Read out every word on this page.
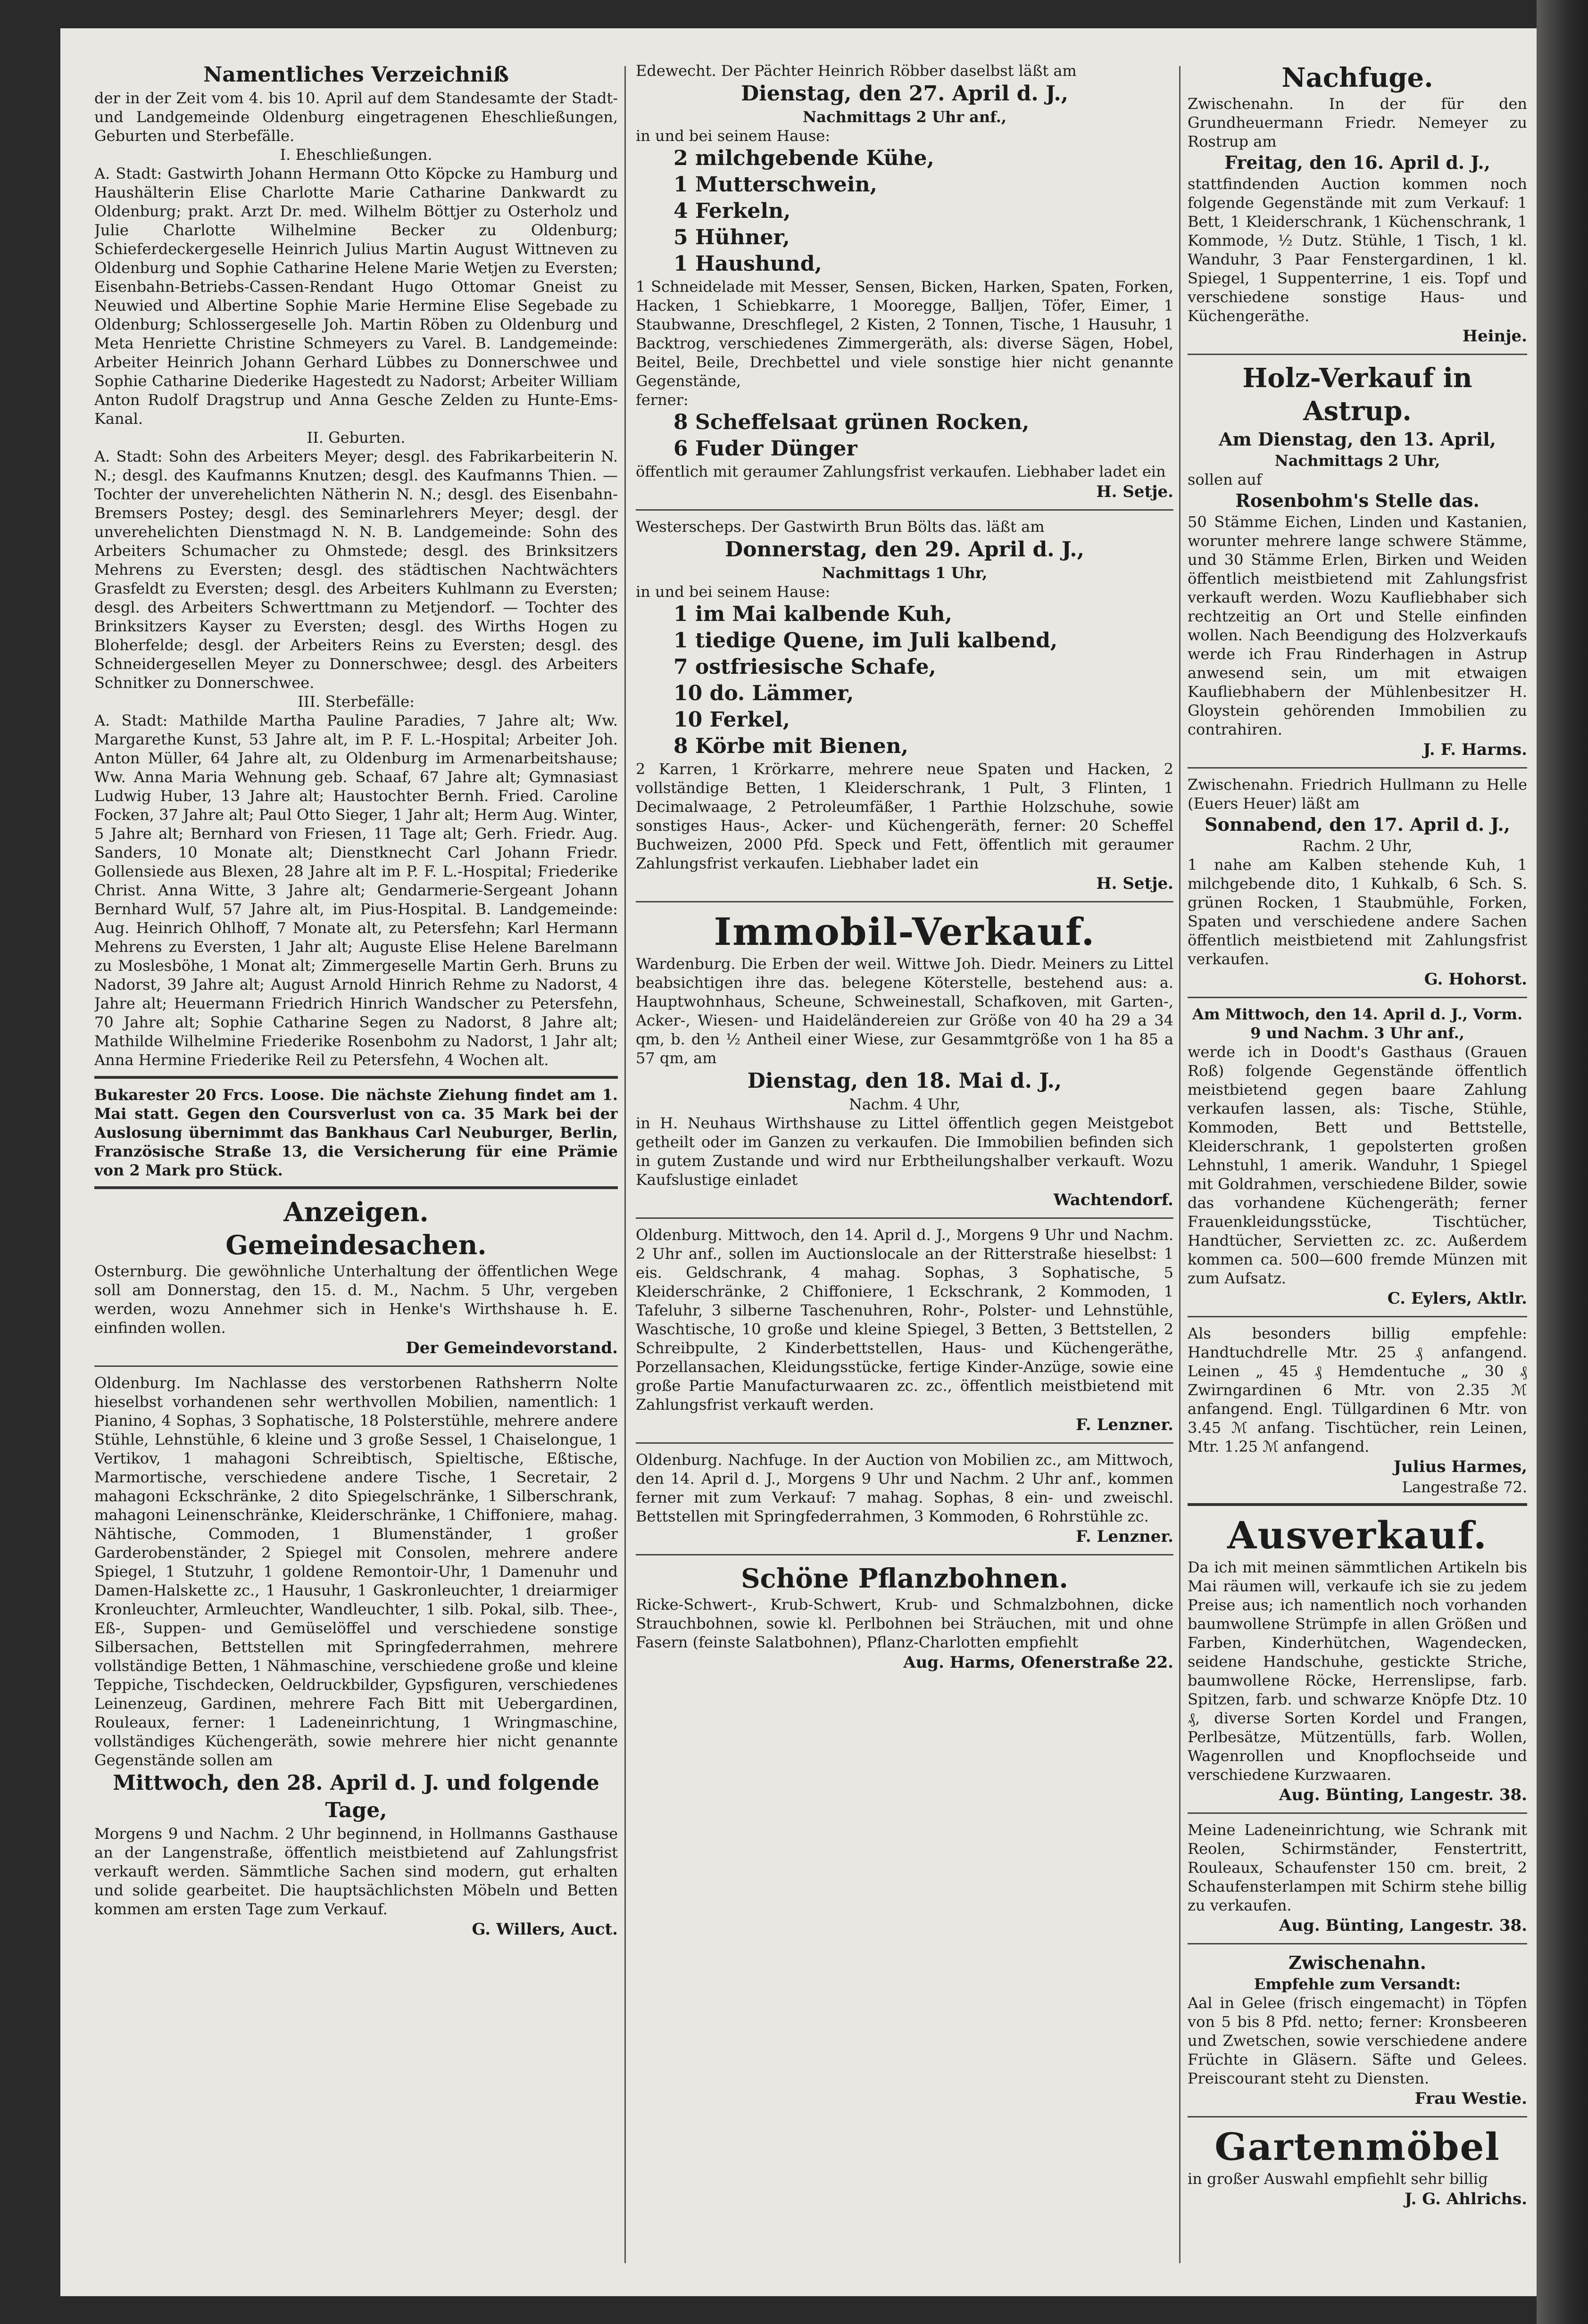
Namentliches Verzeichniß

der in der Zeit vom 4. bis 10. April auf dem Standesamte der Stadt- und Landgemeinde Oldenburg eingetragenen Eheschließungen, Geburten und Sterbefälle.

I. Eheschließungen.

A. Stadt: Gastwirth Johann Hermann Otto Köpcke zu Hamburg und Haushälterin Elise Charlotte Marie Catharine Dankwardt zu Oldenburg; prakt. Arzt Dr. med. Wilhelm Böttjer zu Osterholz und Julie Charlotte Wilhelmine Becker zu Oldenburg; Schieferdeckergeselle Heinrich Julius Martin August Wittneven zu Oldenburg und Sophie Catharine Helene Marie Wetjen zu Eversten; Eisenbahn-Betriebs-Cassen-Rendant Hugo Ottomar Gneist zu Neuwied und Albertine Sophie Marie Hermine Elise Segebade zu Oldenburg; Schlossergeselle Joh. Martin Röben zu Oldenburg und Meta Henriette Christine Schmeyers zu Varel. B. Landgemeinde: Arbeiter Heinrich Johann Gerhard Lübbes zu Donnerschwee und Sophie Catharine Diederike Hagestedt zu Nadorst; Arbeiter William Anton Rudolf Dragstrup und Anna Gesche Zelden zu Hunte-Ems-Kanal.

II. Geburten.

A. Stadt: Sohn des Arbeiters Meyer; desgl. des Fabrikarbeiterin N. N.; desgl. des Kaufmanns Knutzen; desgl. des Kaufmanns Thien. — Tochter der unverehelichten Nätherin N. N.; desgl. des Eisenbahn-Bremsers Postey; desgl. des Seminarlehrers Meyer; desgl. der unverehelichten Dienstmagd N. N. B. Landgemeinde: Sohn des Arbeiters Schumacher zu Ohmstede; desgl. des Brinksitzers Mehrens zu Eversten; desgl. des städtischen Nachtwächters Grasfeldt zu Eversten; desgl. des Arbeiters Kuhlmann zu Eversten; desgl. des Arbeiters Schwerttmann zu Metjendorf. — Tochter des Brinksitzers Kayser zu Eversten; desgl. des Wirths Hogen zu Bloherfelde; desgl. der Arbeiters Reins zu Eversten; desgl. des Schneidergesellen Meyer zu Donnerschwee; desgl. des Arbeiters Schnitker zu Donnerschwee.

III. Sterbefälle:

A. Stadt: Mathilde Martha Pauline Paradies, 7 Jahre alt; Ww. Margarethe Kunst, 53 Jahre alt, im P. F. L.-Hospital; Arbeiter Joh. Anton Müller, 64 Jahre alt, zu Oldenburg im Armenarbeitshause; Ww. Anna Maria Wehnung geb. Schaaf, 67 Jahre alt; Gymnasiast Ludwig Huber, 13 Jahre alt; Haustochter Bernh. Fried. Caroline Focken, 37 Jahre alt; Paul Otto Sieger, 1 Jahr alt; Herm Aug. Winter, 5 Jahre alt; Bernhard von Friesen, 11 Tage alt; Gerh. Friedr. Aug. Sanders, 10 Monate alt; Dienstknecht Carl Johann Friedr. Gollensiede aus Blexen, 28 Jahre alt im P. F. L.-Hospital; Friederike Christ. Anna Witte, 3 Jahre alt; Gendarmerie-Sergeant Johann Bernhard Wulf, 57 Jahre alt, im Pius-Hospital. B. Landgemeinde: Aug. Heinrich Ohlhoff, 7 Monate alt, zu Petersfehn; Karl Hermann Mehrens zu Eversten, 1 Jahr alt; Auguste Elise Helene Barelmann zu Moslesböhe, 1 Monat alt; Zimmergeselle Martin Gerh. Bruns zu Nadorst, 39 Jahre alt; August Arnold Hinrich Rehme zu Nadorst, 4 Jahre alt; Heuermann Friedrich Hinrich Wandscher zu Petersfehn, 70 Jahre alt; Sophie Catharine Segen zu Nadorst, 8 Jahre alt; Mathilde Wilhelmine Friederike Rosenbohm zu Nadorst, 1 Jahr alt; Anna Hermine Friederike Reil zu Petersfehn, 4 Wochen alt.

Bukarester 20 Frcs. Loose. Die nächste Ziehung findet am 1. Mai statt. Gegen den Coursverlust von ca. 35 Mark bei der Auslosung übernimmt das Bankhaus Carl Neuburger, Berlin, Französische Straße 13, die Versicherung für eine Prämie von 2 Mark pro Stück.

Anzeigen.
Gemeindesachen.

Osternburg. Die gewöhnliche Unterhaltung der öffentlichen Wege soll am Donnerstag, den 15. d. M., Nachm. 5 Uhr, vergeben werden, wozu Annehmer sich in Henke's Wirthshause h. E. einfinden wollen.

Der Gemeindevorstand.

Oldenburg. Im Nachlasse des verstorbenen Rathsherrn Nolte hieselbst vorhandenen sehr werthvollen Mobilien, namentlich: 1 Pianino, 4 Sophas, 3 Sophatische, 18 Polsterstühle, mehrere andere Stühle, Lehnstühle, 6 kleine und 3 große Sessel, 1 Chaiselongue, 1 Vertikov, 1 mahagoni Schreibtisch, Spieltische, Eßtische, Marmortische, verschiedene andere Tische, 1 Secretair, 2 mahagoni Eckschränke, 2 dito Spiegelschränke, 1 Silberschrank, mahagoni Leinenschränke, Kleiderschränke, 1 Chiffoniere, mahag. Nähtische, Commoden, 1 Blumenständer, 1 großer Garderobenständer, 2 Spiegel mit Consolen, mehrere andere Spiegel, 1 Stutzuhr, 1 goldene Remontoir-Uhr, 1 Damenuhr und Damen-Halskette zc., 1 Hausuhr, 1 Gaskronleuchter, 1 dreiarmiger Kronleuchter, Armleuchter, Wandleuchter, 1 silb. Pokal, silb. Thee-, Eß-, Suppen- und Gemüselöffel und verschiedene sonstige Silbersachen, Bettstellen mit Springfederrahmen, mehrere vollständige Betten, 1 Nähmaschine, verschiedene große und kleine Teppiche, Tischdecken, Oeldruckbilder, Gypsfiguren, verschiedenes Leinenzeug, Gardinen, mehrere Fach Bitt mit Uebergardinen, Rouleaux, ferner: 1 Ladeneinrichtung, 1 Wringmaschine, vollständiges Küchengeräth, sowie mehrere hier nicht genannte Gegenstände sollen am

Mittwoch, den 28. April d. J. und folgende Tage,

Morgens 9 und Nachm. 2 Uhr beginnend, in Hollmanns Gasthause an der Langenstraße, öffentlich meistbietend auf Zahlungsfrist verkauft werden. Sämmtliche Sachen sind modern, gut erhalten und solide gearbeitet. Die hauptsächlichsten Möbeln und Betten kommen am ersten Tage zum Verkauf.

G. Willers, Auct.

Edewecht. Der Pächter Heinrich Röbber daselbst läßt am

Dienstag, den 27. April d. J.,

Nachmittags 2 Uhr anf.,

in und bei seinem Hause:

2 milchgebende Kühe,
1 Mutterschwein,
4 Ferkeln,
5 Hühner,
1 Haushund,

1 Schneidelade mit Messer, Sensen, Bicken, Harken, Spaten, Forken, Hacken, 1 Schiebkarre, 1 Mooregge, Balljen, Töfer, Eimer, 1 Staubwanne, Dreschflegel, 2 Kisten, 2 Tonnen, Tische, 1 Hausuhr, 1 Backtrog, verschiedenes Zimmergeräth, als: diverse Sägen, Hobel, Beitel, Beile, Drechbettel und viele sonstige hier nicht genannte Gegenstände,

ferner:

8 Scheffelsaat grünen Rocken,
6 Fuder Dünger

öffentlich mit geraumer Zahlungsfrist verkaufen. Liebhaber ladet ein

H. Setje.

Westerscheps. Der Gastwirth Brun Bölts das. läßt am

Donnerstag, den 29. April d. J.,

Nachmittags 1 Uhr,

in und bei seinem Hause:

1 im Mai kalbende Kuh,
1 tiedige Quene, im Juli kalbend,
7 ostfriesische Schafe,
10 do. Lämmer,
10 Ferkel,
8 Körbe mit Bienen,

2 Karren, 1 Krörkarre, mehrere neue Spaten und Hacken, 2 vollständige Betten, 1 Kleiderschrank, 1 Pult, 3 Flinten, 1 Decimalwaage, 2 Petroleumfäßer, 1 Parthie Holzschuhe, sowie sonstiges Haus-, Acker- und Küchengeräth, ferner: 20 Scheffel Buchweizen, 2000 Pfd. Speck und Fett, öffentlich mit geraumer Zahlungsfrist verkaufen. Liebhaber ladet ein

H. Setje.
Immobil-Verkauf.

Wardenburg. Die Erben der weil. Wittwe Joh. Diedr. Meiners zu Littel beabsichtigen ihre das. belegene Köterstelle, bestehend aus: a. Hauptwohnhaus, Scheune, Schweinestall, Schafkoven, mit Garten-, Acker-, Wiesen- und Haideländereien zur Größe von 40 ha 29 a 34 qm, b. den ½ Antheil einer Wiese, zur Gesammtgröße von 1 ha 85 a 57 qm, am

Dienstag, den 18. Mai d. J.,

Nachm. 4 Uhr,

in H. Neuhaus Wirthshause zu Littel öffentlich gegen Meistgebot getheilt oder im Ganzen zu verkaufen. Die Immobilien befinden sich in gutem Zustande und wird nur Erbtheilungshalber verkauft. Wozu Kaufslustige einladet

Wachtendorf.

Oldenburg. Mittwoch, den 14. April d. J., Morgens 9 Uhr und Nachm. 2 Uhr anf., sollen im Auctionslocale an der Ritterstraße hieselbst: 1 eis. Geldschrank, 4 mahag. Sophas, 3 Sophatische, 5 Kleiderschränke, 2 Chiffoniere, 1 Eckschrank, 2 Kommoden, 1 Tafeluhr, 3 silberne Taschenuhren, Rohr-, Polster- und Lehnstühle, Waschtische, 10 große und kleine Spiegel, 3 Betten, 3 Bettstellen, 2 Schreibpulte, 2 Kinderbettstellen, Haus- und Küchengeräthe, Porzellansachen, Kleidungsstücke, fertige Kinder-Anzüge, sowie eine große Partie Manufacturwaaren zc. zc., öffentlich meistbietend mit Zahlungsfrist verkauft werden.

F. Lenzner.

Oldenburg. Nachfuge. In der Auction von Mobilien zc., am Mittwoch, den 14. April d. J., Morgens 9 Uhr und Nachm. 2 Uhr anf., kommen ferner mit zum Verkauf: 7 mahag. Sophas, 8 ein- und zweischl. Bettstellen mit Springfederrahmen, 3 Kommoden, 6 Rohrstühle zc.

F. Lenzner.
Schöne Pflanzbohnen.

Ricke-Schwert-, Krub-Schwert, Krub- und Schmalzbohnen, dicke Strauchbohnen, sowie kl. Perlbohnen bei Sträuchen, mit und ohne Fasern (feinste Salatbohnen), Pflanz-Charlotten empfiehlt

Aug. Harms, Ofenerstraße 22.
Nachfuge.

Zwischenahn. In der für den Grundheuermann Friedr. Nemeyer zu Rostrup am

Freitag, den 16. April d. J.,

stattfindenden Auction kommen noch folgende Gegenstände mit zum Verkauf: 1 Bett, 1 Kleiderschrank, 1 Küchenschrank, 1 Kommode, ½ Dutz. Stühle, 1 Tisch, 1 kl. Wanduhr, 3 Paar Fenstergardinen, 1 kl. Spiegel, 1 Suppenterrine, 1 eis. Topf und verschiedene sonstige Haus- und Küchengeräthe.

Heinje.
Holz-Verkauf in Astrup.
Am Dienstag, den 13. April,

Nachmittags 2 Uhr,

sollen auf

Rosenbohm's Stelle das.

50 Stämme Eichen, Linden und Kastanien, worunter mehrere lange schwere Stämme, und 30 Stämme Erlen, Birken und Weiden öffentlich meistbietend mit Zahlungsfrist verkauft werden. Wozu Kaufliebhaber sich rechtzeitig an Ort und Stelle einfinden wollen. Nach Beendigung des Holzverkaufs werde ich Frau Rinderhagen in Astrup anwesend sein, um mit etwaigen Kaufliebhabern der Mühlenbesitzer H. Gloystein gehörenden Immobilien zu contrahiren.

J. F. Harms.

Zwischenahn. Friedrich Hullmann zu Helle (Euers Heuer) läßt am

Sonnabend, den 17. April d. J.,

Rachm. 2 Uhr,

1 nahe am Kalben stehende Kuh, 1 milchgebende dito, 1 Kuhkalb, 6 Sch. S. grünen Rocken, 1 Staubmühle, Forken, Spaten und verschiedene andere Sachen öffentlich meistbietend mit Zahlungsfrist verkaufen.

G. Hohorst.

Am Mittwoch, den 14. April d. J., Vorm. 9 und Nachm. 3 Uhr anf.,

werde ich in Doodt's Gasthaus (Grauen Roß) folgende Gegenstände öffentlich meistbietend gegen baare Zahlung verkaufen lassen, als: Tische, Stühle, Kommoden, Bett und Bettstelle, Kleiderschrank, 1 gepolsterten großen Lehnstuhl, 1 amerik. Wanduhr, 1 Spiegel mit Goldrahmen, verschiedene Bilder, sowie das vorhandene Küchengeräth; ferner Frauenkleidungsstücke, Tischtücher, Handtücher, Servietten zc. zc. Außerdem kommen ca. 500—600 fremde Münzen mit zum Aufsatz.

C. Eylers, Aktlr.

Als besonders billig empfehle: Handtuchdrelle Mtr. 25 ₰ anfangend. Leinen „ 45 ₰ Hemdentuche „ 30 ₰ Zwirngardinen 6 Mtr. von 2.35 ℳ anfangend. Engl. Tüllgardinen 6 Mtr. von 3.45 ℳ anfang. Tischtücher, rein Leinen, Mtr. 1.25 ℳ anfangend.

Julius Harmes,

Langestraße 72.

Ausverkauf.

Da ich mit meinen sämmtlichen Artikeln bis Mai räumen will, verkaufe ich sie zu jedem Preise aus; ich namentlich noch vorhanden baumwollene Strümpfe in allen Größen und Farben, Kinderhütchen, Wagendecken, seidene Handschuhe, gestickte Striche, baumwollene Röcke, Herrenslipse, farb. Spitzen, farb. und schwarze Knöpfe Dtz. 10 ₰, diverse Sorten Kordel und Frangen, Perlbesätze, Mützentülls, farb. Wollen, Wagenrollen und Knopflochseide und verschiedene Kurzwaaren.

Aug. Bünting, Langestr. 38.

Meine Ladeneinrichtung, wie Schrank mit Reolen, Schirmständer, Fenstertritt, Rouleaux, Schaufenster 150 cm. breit, 2 Schaufensterlampen mit Schirm stehe billig zu verkaufen.

Aug. Bünting, Langestr. 38.
Zwischenahn.

Empfehle zum Versandt:

Aal in Gelee (frisch eingemacht) in Töpfen von 5 bis 8 Pfd. netto; ferner: Kronsbeeren und Zwetschen, sowie verschiedene andere Früchte in Gläsern. Säfte und Gelees. Preiscourant steht zu Diensten.

Frau Westie.
Gartenmöbel

in großer Auswahl empfiehlt sehr billig

J. G. Ahlrichs.
